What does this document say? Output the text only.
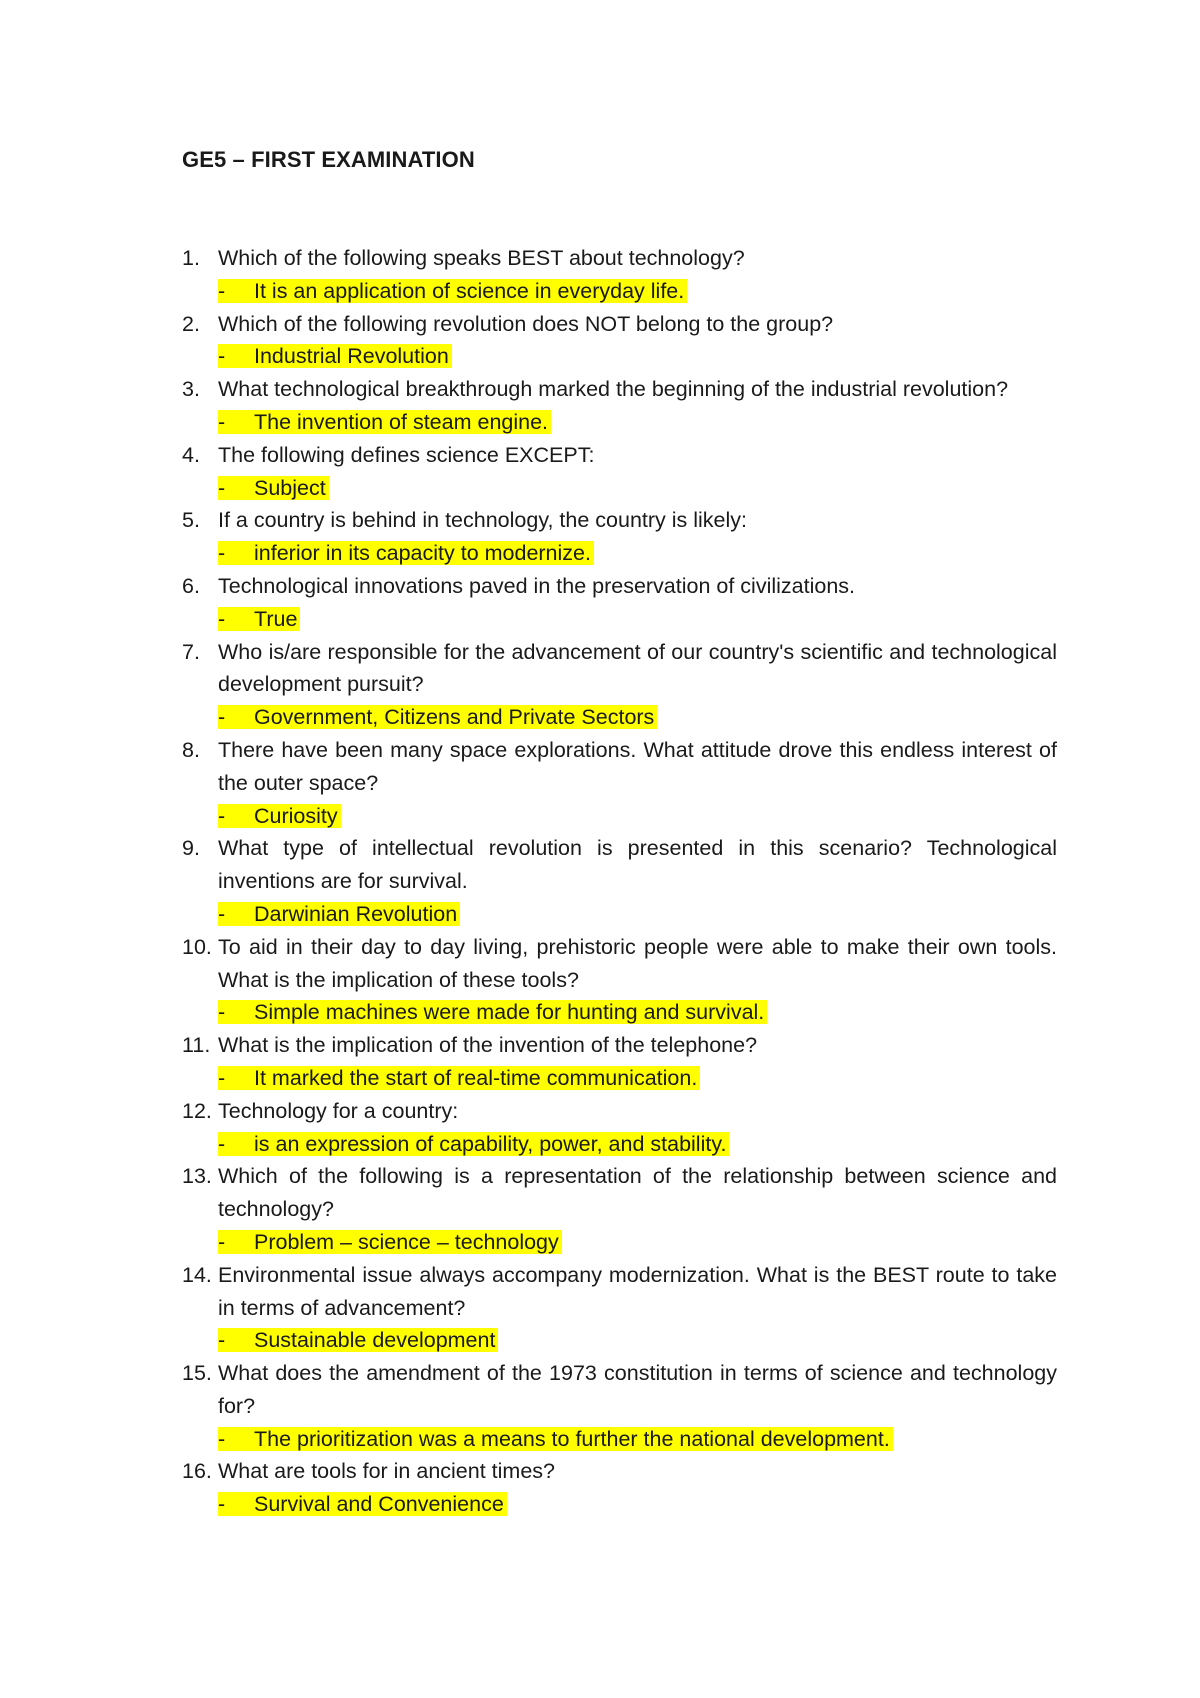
GE5 – FIRST EXAMINATION
1. Which of the following speaks BEST about technology?
- It is an application of science in everyday life.
2. Which of the following revolution does NOT belong to the group?
- Industrial Revolution
3. What technological breakthrough marked the beginning of the industrial revolution?
- The invention of steam engine.
4. The following defines science EXCEPT:
- Subject
5. If a country is behind in technology, the country is likely:
- inferior in its capacity to modernize.
6. Technological innovations paved in the preservation of civilizations.
- True
7. Who is/are responsible for the advancement of our country's scientific and technological development pursuit?
- Government, Citizens and Private Sectors
8. There have been many space explorations. What attitude drove this endless interest of the outer space?
- Curiosity
9. What type of intellectual revolution is presented in this scenario? Technological inventions are for survival.
- Darwinian Revolution
10. To aid in their day to day living, prehistoric people were able to make their own tools. What is the implication of these tools?
- Simple machines were made for hunting and survival.
11. What is the implication of the invention of the telephone?
- It marked the start of real-time communication.
12. Technology for a country:
- is an expression of capability, power, and stability.
13. Which of the following is a representation of the relationship between science and technology?
- Problem – science – technology
14. Environmental issue always accompany modernization. What is the BEST route to take in terms of advancement?
- Sustainable development
15. What does the amendment of the 1973 constitution in terms of science and technology for?
- The prioritization was a means to further the national development.
16. What are tools for in ancient times?
- Survival and Convenience
